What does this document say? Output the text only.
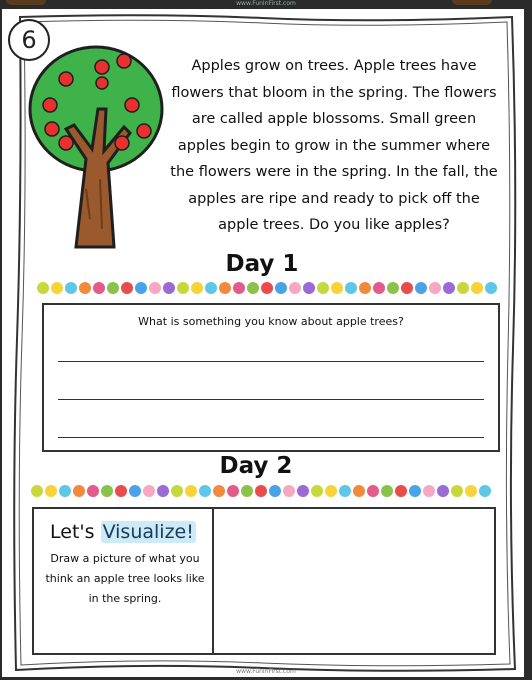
www.FunInFirst.com
6
Apples grow on trees. Apple trees have flowers that bloom in the spring. The flowers are called apple blossoms. Small green apples begin to grow in the summer where the flowers were in the spring. In the fall, the apples are ripe and ready to pick off the apple trees. Do you like apples?
Day 1
What is something you know about apple trees?
Day 2
Let's Visualize!
Draw a picture of what you think an apple tree looks like in the spring.
www.FunInFirst.com
